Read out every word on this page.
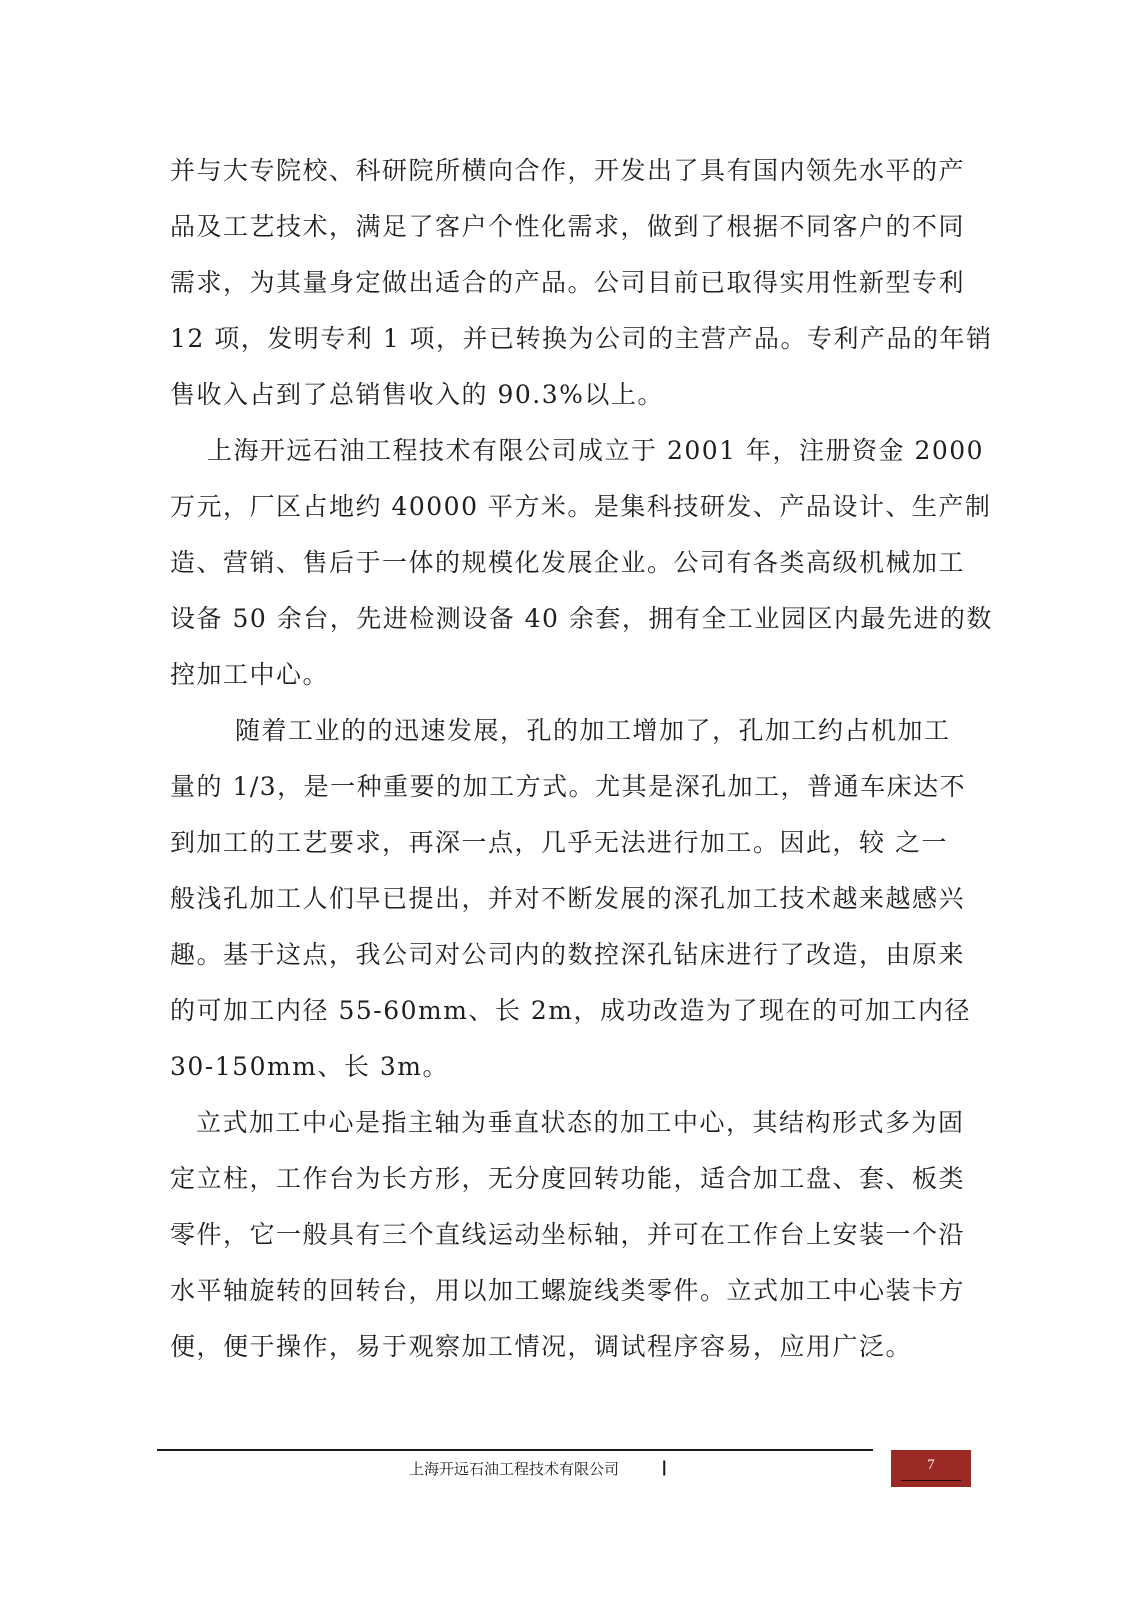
并与大专院校、科研院所横向合作，开发出了具有国内领先水平的产
品及工艺技术，满足了客户个性化需求，做到了根据不同客户的不同
需求，为其量身定做出适合的产品。公司目前已取得实用性新型专利
12 项，发明专利 1 项，并已转换为公司的主营产品。专利产品的年销
售收入占到了总销售收入的 90.3%以上。
上海开远石油工程技术有限公司成立于 2001 年，注册资金 2000
万元，厂区占地约 40000 平方米。是集科技研发、产品设计、生产制
造、营销、售后于一体的规模化发展企业。公司有各类高级机械加工
设备 50 余台，先进检测设备 40 余套，拥有全工业园区内最先进的数
控加工中心。
随着工业的的迅速发展，孔的加工增加了，孔加工约占机加工
量的 1/3，是一种重要的加工方式。尤其是深孔加工，普通车床达不
到加工的工艺要求，再深一点，几乎无法进行加工。因此，较 之一
般浅孔加工人们早已提出，并对不断发展的深孔加工技术越来越感兴
趣。基于这点，我公司对公司内的数控深孔钻床进行了改造，由原来
的可加工内径 55-60mm、长 2m，成功改造为了现在的可加工内径
30-150mm、长 3m。
立式加工中心是指主轴为垂直状态的加工中心，其结构形式多为固
定立柱，工作台为长方形，无分度回转功能，适合加工盘、套、板类
零件，它一般具有三个直线运动坐标轴，并可在工作台上安装一个沿
水平轴旋转的回转台，用以加工螺旋线类零件。立式加工中心装卡方
便，便于操作，易于观察加工情况，调试程序容易，应用广泛。
上海开远石油工程技术有限公司	|	7
